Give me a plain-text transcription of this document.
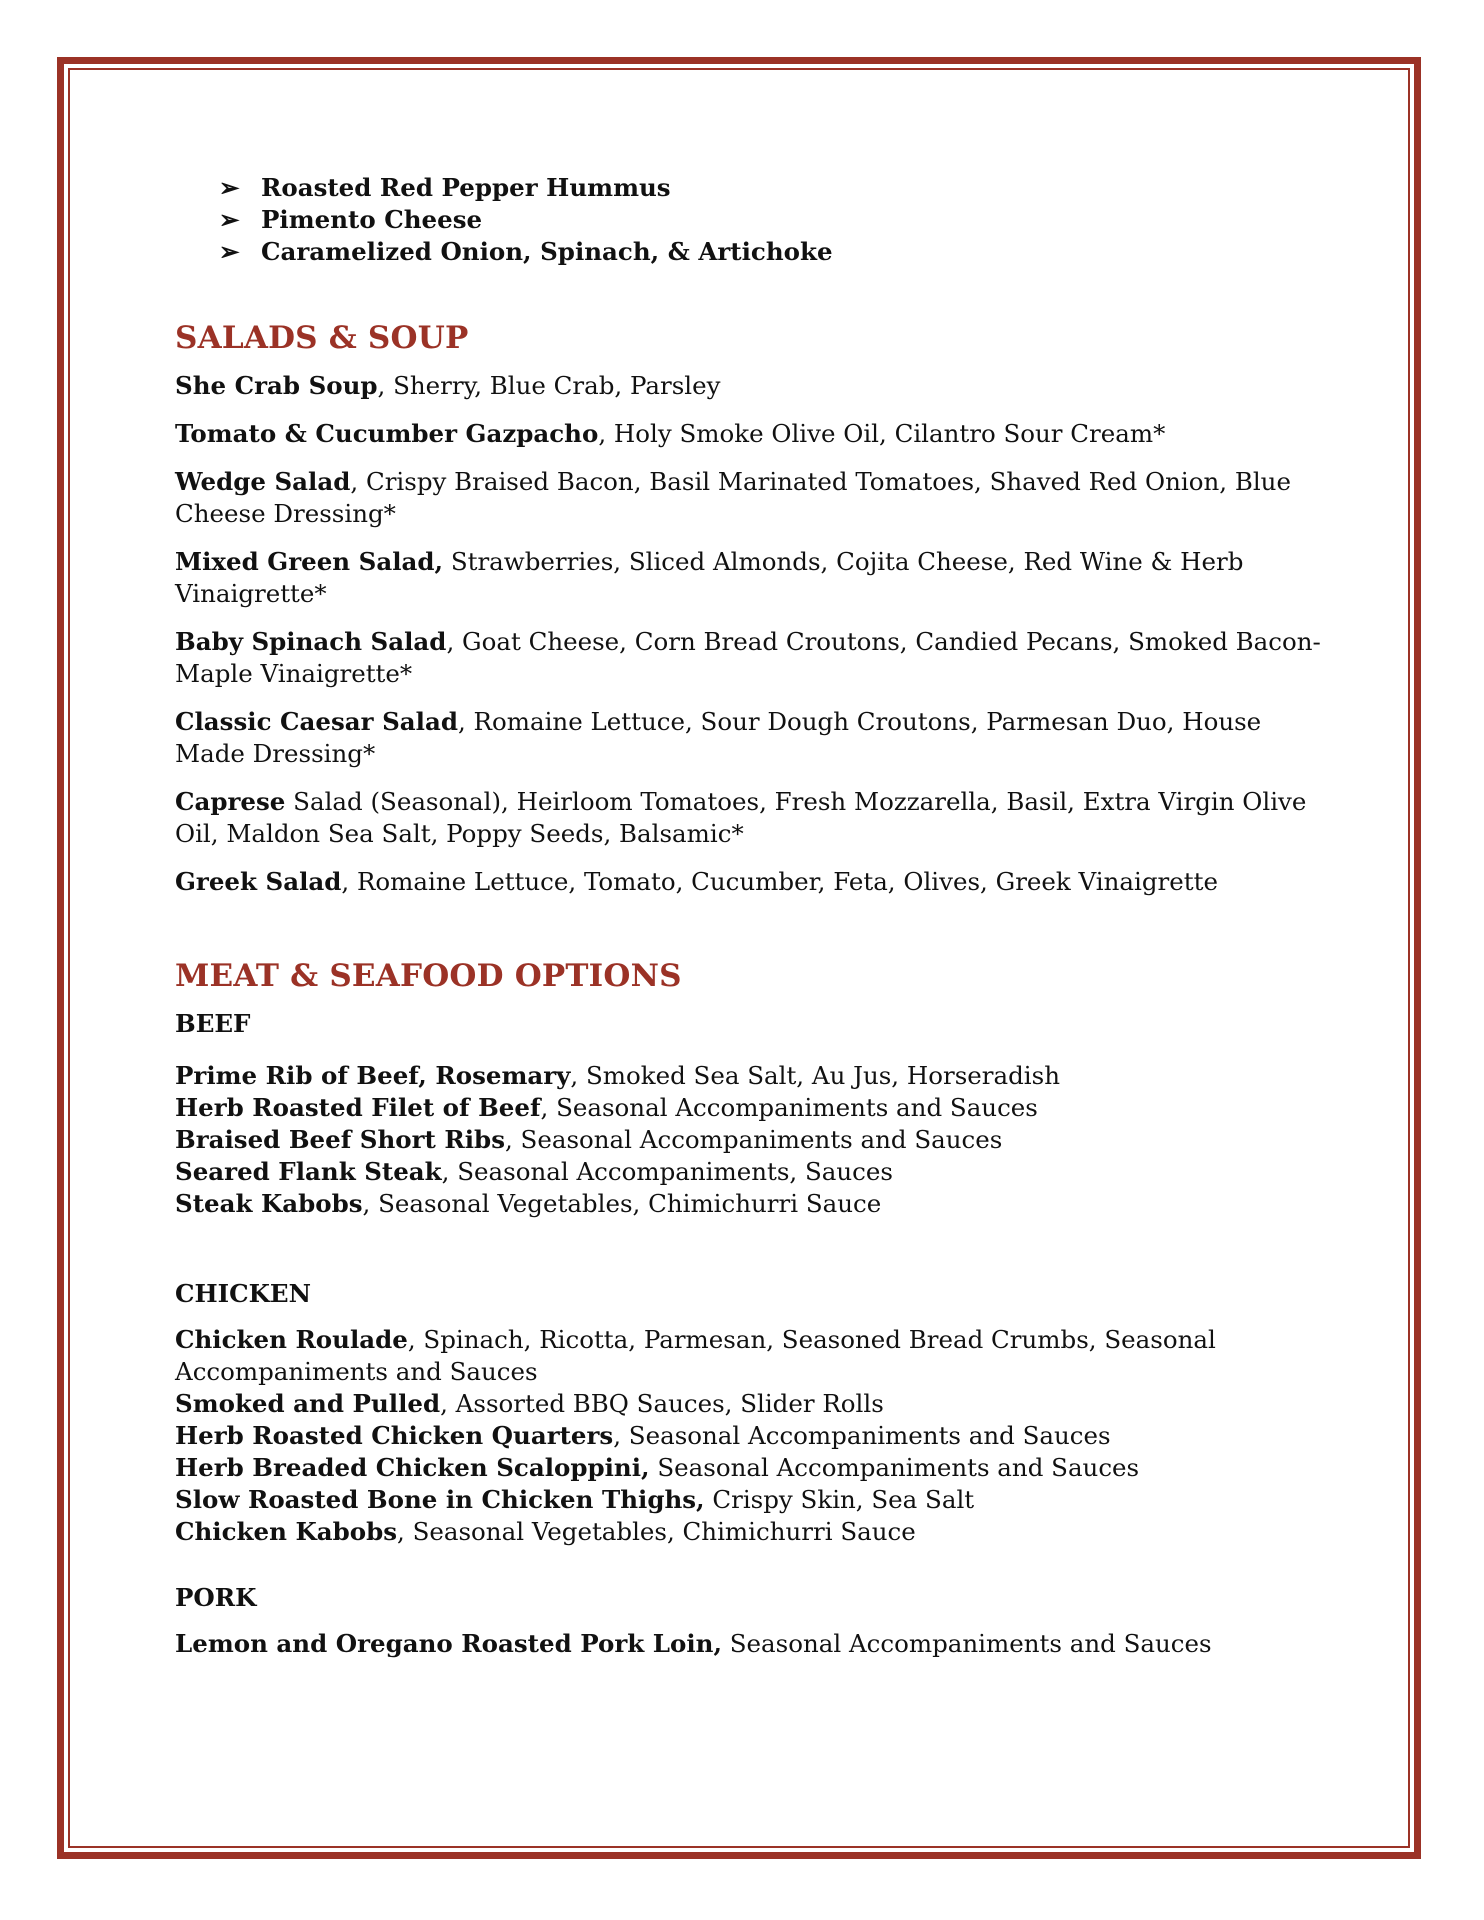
➢ Roasted Red Pepper Hummus
➢ Pimento Cheese
➢ Caramelized Onion, Spinach, & Artichoke
SALADS & SOUP

She Crab Soup, Sherry, Blue Crab, Parsley

Tomato & Cucumber Gazpacho, Holy Smoke Olive Oil, Cilantro Sour Cream*

Wedge Salad, Crispy Braised Bacon, Basil Marinated Tomatoes, Shaved Red Onion, Blue Cheese Dressing*

Mixed Green Salad, Strawberries, Sliced Almonds, Cojita Cheese, Red Wine & Herb Vinaigrette*

Baby Spinach Salad, Goat Cheese, Corn Bread Croutons, Candied Pecans, Smoked Bacon-Maple Vinaigrette*

Classic Caesar Salad, Romaine Lettuce, Sour Dough Croutons, Parmesan Duo, House Made Dressing*

Caprese Salad (Seasonal), Heirloom Tomatoes, Fresh Mozzarella, Basil, Extra Virgin Olive Oil, Maldon Sea Salt, Poppy Seeds, Balsamic*

Greek Salad, Romaine Lettuce, Tomato, Cucumber, Feta, Olives, Greek Vinaigrette

MEAT & SEAFOOD OPTIONS
BEEF

Prime Rib of Beef, Rosemary, Smoked Sea Salt, Au Jus, Horseradish

Herb Roasted Filet of Beef, Seasonal Accompaniments and Sauces

Braised Beef Short Ribs, Seasonal Accompaniments and Sauces

Seared Flank Steak, Seasonal Accompaniments, Sauces

Steak Kabobs, Seasonal Vegetables, Chimichurri Sauce

CHICKEN

Chicken Roulade, Spinach, Ricotta, Parmesan, Seasoned Bread Crumbs, Seasonal Accompaniments and Sauces

Smoked and Pulled, Assorted BBQ Sauces, Slider Rolls

Herb Roasted Chicken Quarters, Seasonal Accompaniments and Sauces

Herb Breaded Chicken Scaloppini, Seasonal Accompaniments and Sauces

Slow Roasted Bone in Chicken Thighs, Crispy Skin, Sea Salt

Chicken Kabobs, Seasonal Vegetables, Chimichurri Sauce

PORK

Lemon and Oregano Roasted Pork Loin, Seasonal Accompaniments and Sauces
